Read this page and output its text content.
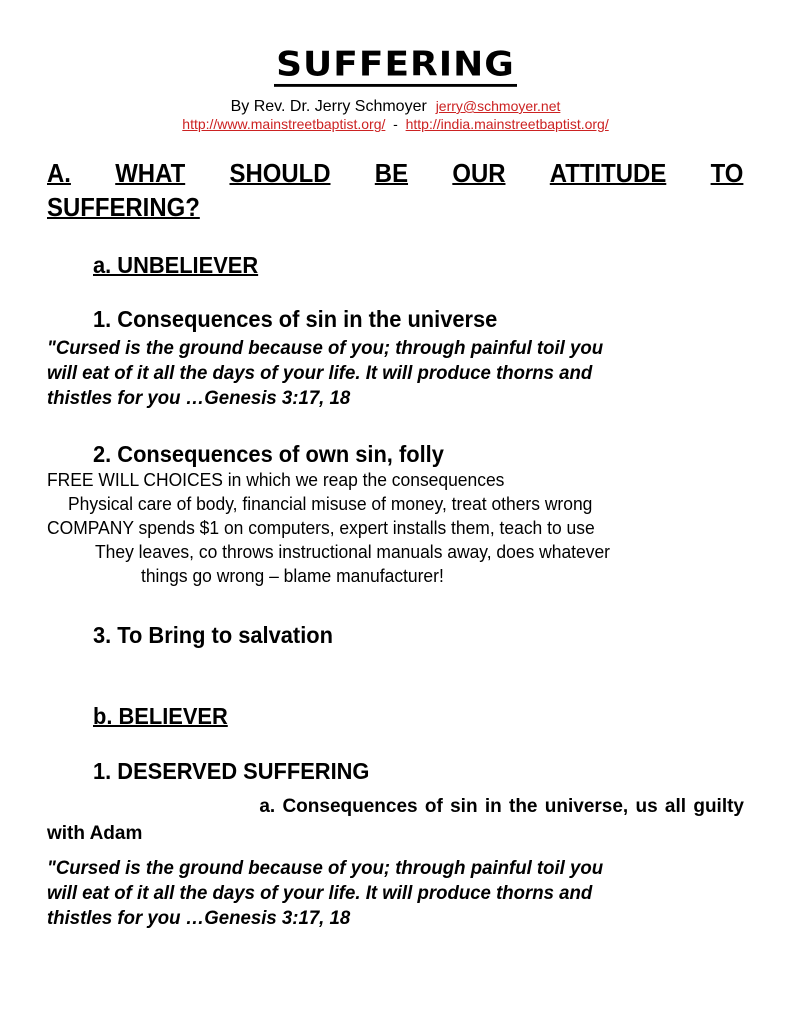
SUFFERING
By Rev. Dr. Jerry Schmoyer jerry@schmoyer.net
http://www.mainstreetbaptist.org/ - http://india.mainstreetbaptist.org/
A. WHAT SHOULD BE OUR ATTITUDE TO
SUFFERING?
a. UNBELIEVER
1. Consequences of sin in the universe
"Cursed is the ground because of you; through painful toil you
will eat of it all the days of your life. It will produce thorns and
thistles for you …Genesis 3:17, 18
2. Consequences of own sin, folly
FREE WILL CHOICES in which we reap the consequences
Physical care of body, financial misuse of money, treat others wrong
COMPANY spends $1 on computers, expert installs them, teach to use
They leaves, co throws instructional manuals away, does whatever
things go wrong – blame manufacturer!
3. To Bring to salvation
b. BELIEVER
1. DESERVED SUFFERING
a. Consequences of sin in the universe, us all guilty
with Adam
"Cursed is the ground because of you; through painful toil you
will eat of it all the days of your life. It will produce thorns and
thistles for you …Genesis 3:17, 18
